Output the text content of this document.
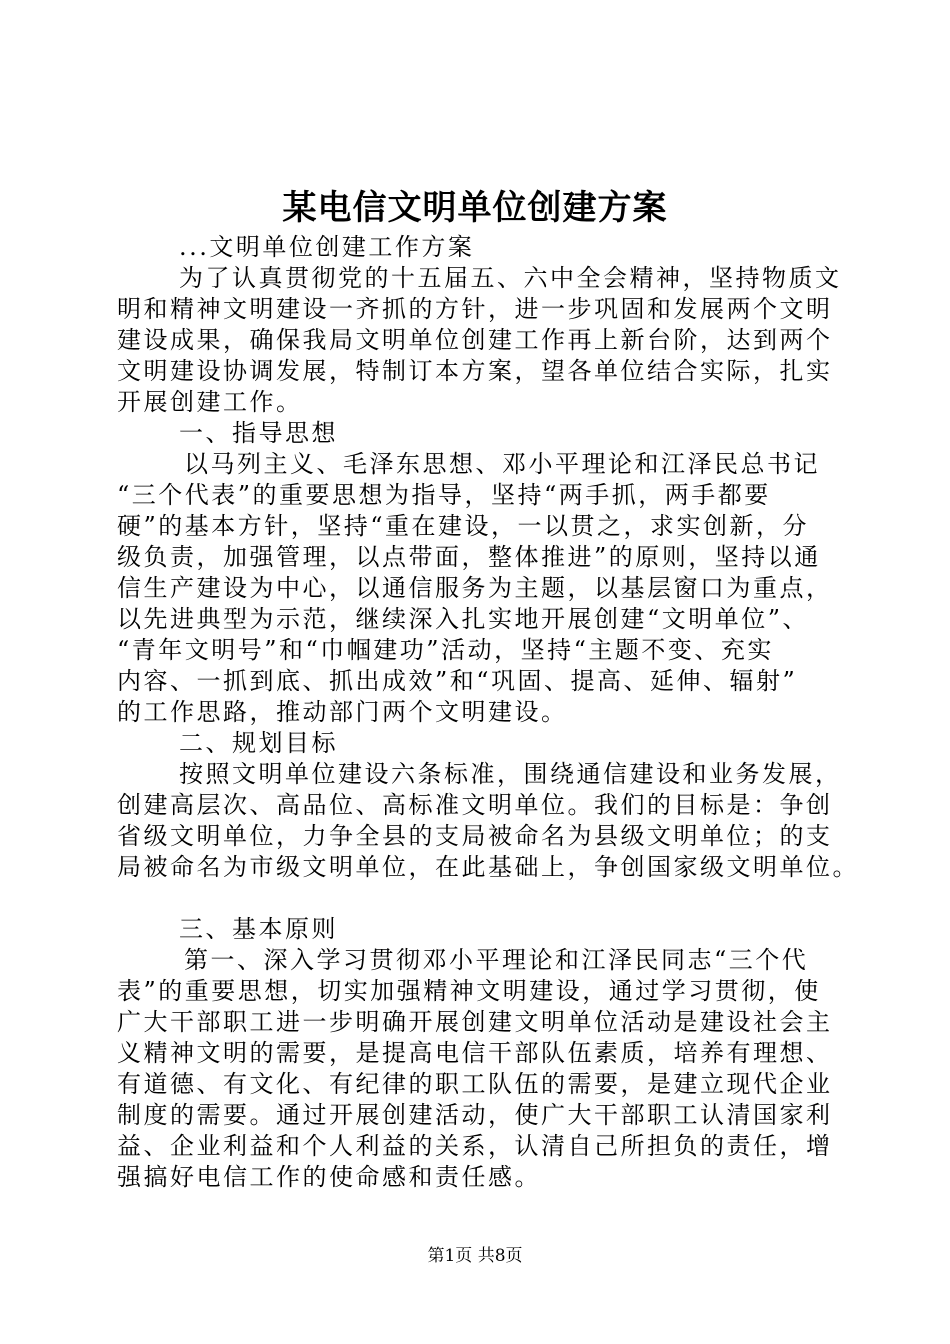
某电信文明单位创建方案
...文明单位创建工作方案
为了认真贯彻党的十五届五、六中全会精神，坚持物质文
明和精神文明建设一齐抓的方针，进一步巩固和发展两个文明
建设成果，确保我局文明单位创建工作再上新台阶，达到两个
文明建设协调发展，特制订本方案，望各单位结合实际，扎实
开展创建工作。
一、指导思想
以马列主义、毛泽东思想、邓小平理论和江泽民总书记
“三个代表”的重要思想为指导，坚持“两手抓，两手都要
硬”的基本方针，坚持“重在建设，一以贯之，求实创新，分
级负责，加强管理，以点带面，整体推进”的原则，坚持以通
信生产建设为中心，以通信服务为主题，以基层窗口为重点，
以先进典型为示范，继续深入扎实地开展创建“文明单位”、
“青年文明号”和“巾帼建功”活动，坚持“主题不变、充实
内容、一抓到底、抓出成效”和“巩固、提高、延伸、辐射”
的工作思路，推动部门两个文明建设。
二、规划目标
按照文明单位建设六条标准，围绕通信建设和业务发展，
创建高层次、高品位、高标准文明单位。我们的目标是：争创
省级文明单位，力争全县的支局被命名为县级文明单位；的支
局被命名为市级文明单位，在此基础上，争创国家级文明单位。
三、基本原则
第一、深入学习贯彻邓小平理论和江泽民同志“三个代
表”的重要思想，切实加强精神文明建设，通过学习贯彻，使
广大干部职工进一步明确开展创建文明单位活动是建设社会主
义精神文明的需要，是提高电信干部队伍素质，培养有理想、
有道德、有文化、有纪律的职工队伍的需要，是建立现代企业
制度的需要。通过开展创建活动，使广大干部职工认清国家利
益、企业利益和个人利益的关系，认清自己所担负的责任，增
强搞好电信工作的使命感和责任感。
第1页 共8页
